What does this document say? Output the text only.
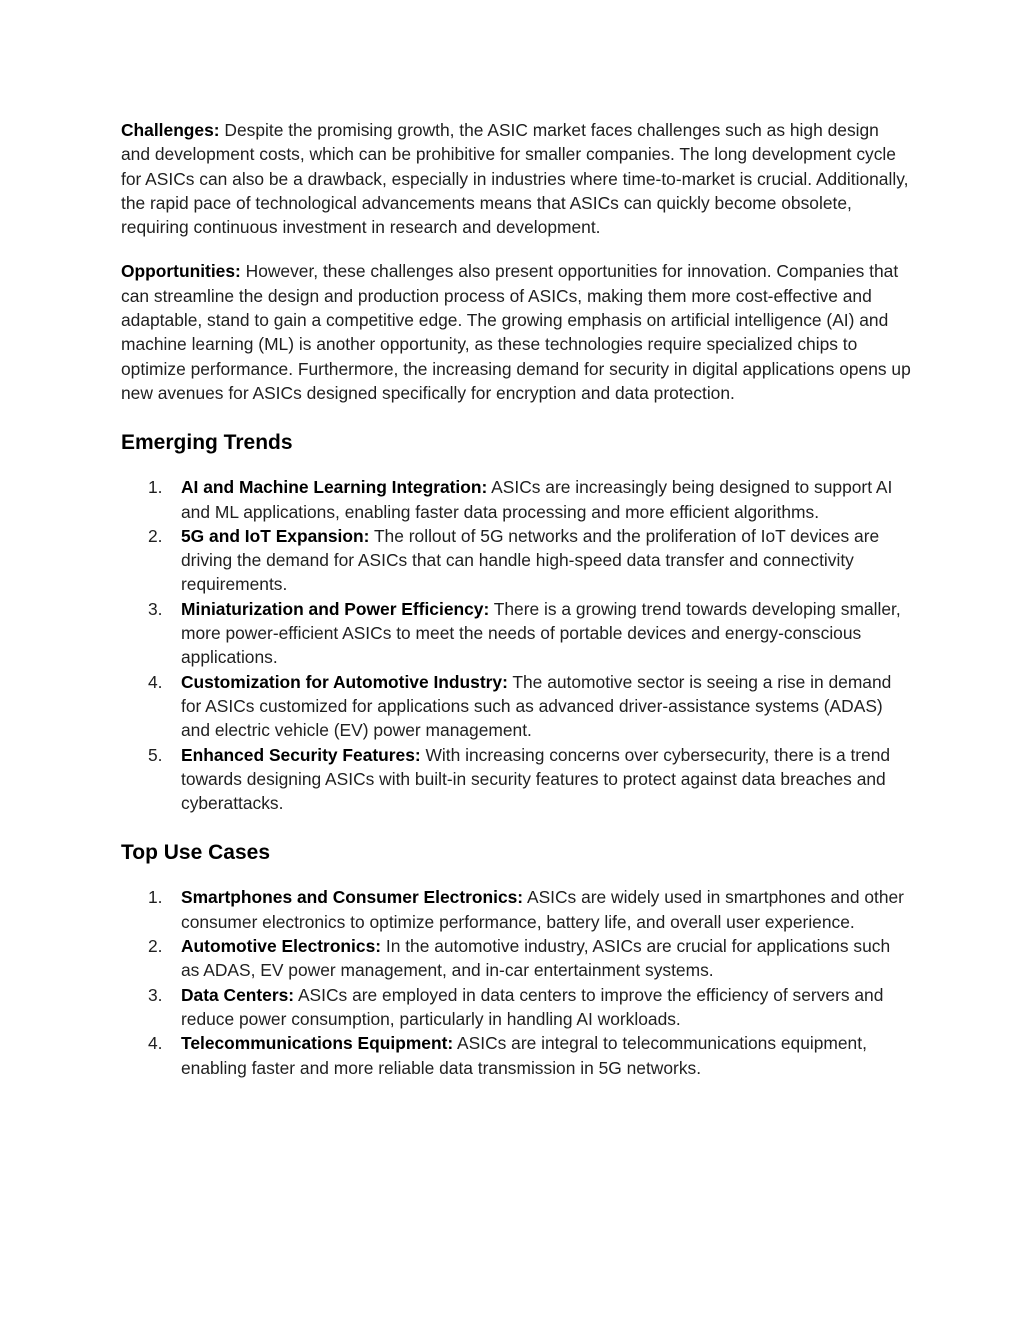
Challenges: Despite the promising growth, the ASIC market faces challenges such as high design and development costs, which can be prohibitive for smaller companies. The long development cycle for ASICs can also be a drawback, especially in industries where time-to-market is crucial. Additionally, the rapid pace of technological advancements means that ASICs can quickly become obsolete, requiring continuous investment in research and development.

Opportunities: However, these challenges also present opportunities for innovation. Companies that can streamline the design and production process of ASICs, making them more cost-effective and adaptable, stand to gain a competitive edge. The growing emphasis on artificial intelligence (AI) and machine learning (ML) is another opportunity, as these technologies require specialized chips to optimize performance. Furthermore, the increasing demand for security in digital applications opens up new avenues for ASICs designed specifically for encryption and data protection.

Emerging Trends
1.	AI and Machine Learning Integration: ASICs are increasingly being designed to support AI and ML applications, enabling faster data processing and more efficient algorithms.
2.	5G and IoT Expansion: The rollout of 5G networks and the proliferation of IoT devices are driving the demand for ASICs that can handle high-speed data transfer and connectivity requirements.
3.	Miniaturization and Power Efficiency: There is a growing trend towards developing smaller, more power-efficient ASICs to meet the needs of portable devices and energy-conscious applications.
4.	Customization for Automotive Industry: The automotive sector is seeing a rise in demand for ASICs customized for applications such as advanced driver-assistance systems (ADAS) and electric vehicle (EV) power management.
5.	Enhanced Security Features: With increasing concerns over cybersecurity, there is a trend towards designing ASICs with built-in security features to protect against data breaches and cyberattacks.
Top Use Cases
1.	Smartphones and Consumer Electronics: ASICs are widely used in smartphones and other consumer electronics to optimize performance, battery life, and overall user experience.
2.	Automotive Electronics: In the automotive industry, ASICs are crucial for applications such as ADAS, EV power management, and in-car entertainment systems.
3.	Data Centers: ASICs are employed in data centers to improve the efficiency of servers and reduce power consumption, particularly in handling AI workloads.
4.	Telecommunications Equipment: ASICs are integral to telecommunications equipment, enabling faster and more reliable data transmission in 5G networks.
